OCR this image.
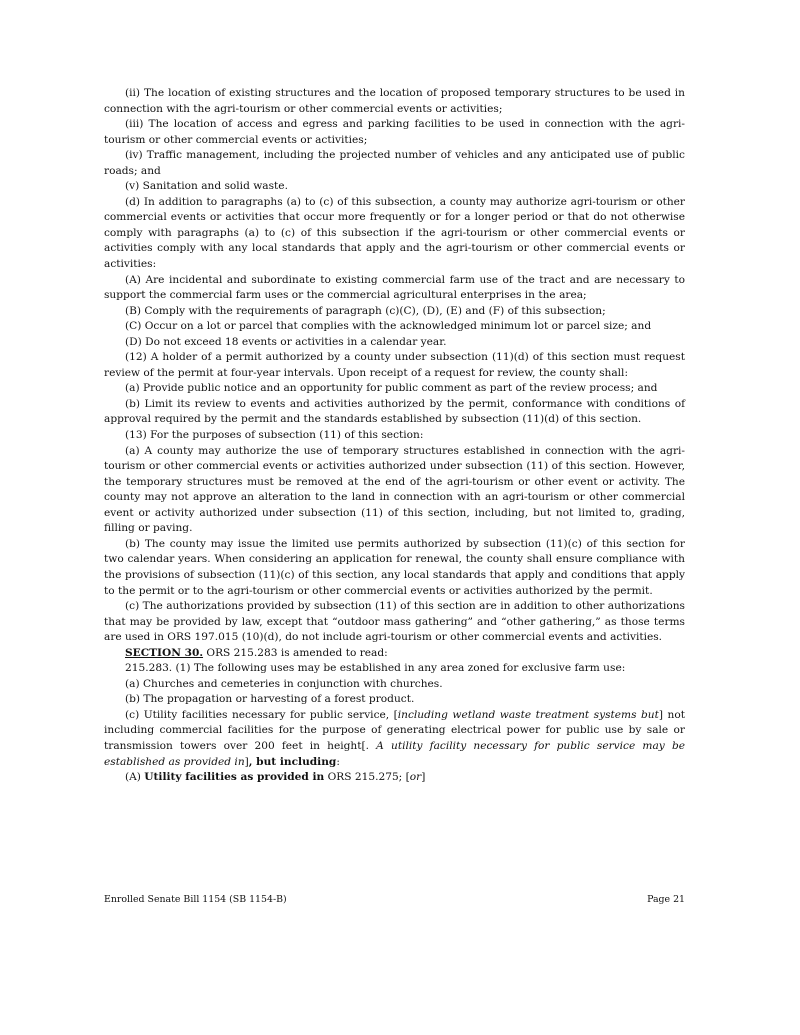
(ii) The location of existing structures and the location of proposed temporary structures to be used in connection with the agri-tourism or other commercial events or activities;

(iii) The location of access and egress and parking facilities to be used in connection with the agri-tourism or other commercial events or activities;

(iv) Traffic management, including the projected number of vehicles and any anticipated use of public roads; and

(v) Sanitation and solid waste.

(d) In addition to paragraphs (a) to (c) of this subsection, a county may authorize agri-tourism or other commercial events or activities that occur more frequently or for a longer period or that do not otherwise comply with paragraphs (a) to (c) of this subsection if the agri-tourism or other commercial events or activities comply with any local standards that apply and the agri-tourism or other commercial events or activities:

(A) Are incidental and subordinate to existing commercial farm use of the tract and are necessary to support the commercial farm uses or the commercial agricultural enterprises in the area;

(B) Comply with the requirements of paragraph (c)(C), (D), (E) and (F) of this subsection;

(C) Occur on a lot or parcel that complies with the acknowledged minimum lot or parcel size; and

(D) Do not exceed 18 events or activities in a calendar year.

(12) A holder of a permit authorized by a county under subsection (11)(d) of this section must request review of the permit at four-year intervals. Upon receipt of a request for review, the county shall:

(a) Provide public notice and an opportunity for public comment as part of the review process; and

(b) Limit its review to events and activities authorized by the permit, conformance with conditions of approval required by the permit and the standards established by subsection (11)(d) of this section.

(13) For the purposes of subsection (11) of this section:

(a) A county may authorize the use of temporary structures established in connection with the agri-tourism or other commercial events or activities authorized under subsection (11) of this section. However, the temporary structures must be removed at the end of the agri-tourism or other event or activity. The county may not approve an alteration to the land in connection with an agri-tourism or other commercial event or activity authorized under subsection (11) of this section, including, but not limited to, grading, filling or paving.

(b) The county may issue the limited use permits authorized by subsection (11)(c) of this section for two calendar years. When considering an application for renewal, the county shall ensure compliance with the provisions of subsection (11)(c) of this section, any local standards that apply and conditions that apply to the permit or to the agri-tourism or other commercial events or activities authorized by the permit.

(c) The authorizations provided by subsection (11) of this section are in addition to other authorizations that may be provided by law, except that “outdoor mass gathering” and “other gathering,” as those terms are used in ORS 197.015 (10)(d), do not include agri-tourism or other commercial events and activities.

SECTION 30. ORS 215.283 is amended to read:

215.283. (1) The following uses may be established in any area zoned for exclusive farm use:

(a) Churches and cemeteries in conjunction with churches.

(b) The propagation or harvesting of a forest product.

(c) Utility facilities necessary for public service, [including wetland waste treatment systems but] not including commercial facilities for the purpose of generating electrical power for public use by sale or transmission towers over 200 feet in height[. A utility facility necessary for public service may be established as provided in], but including:

(A) Utility facilities as provided in ORS 215.275; [or]

Enrolled Senate Bill 1154 (SB 1154-B)	Page 21
